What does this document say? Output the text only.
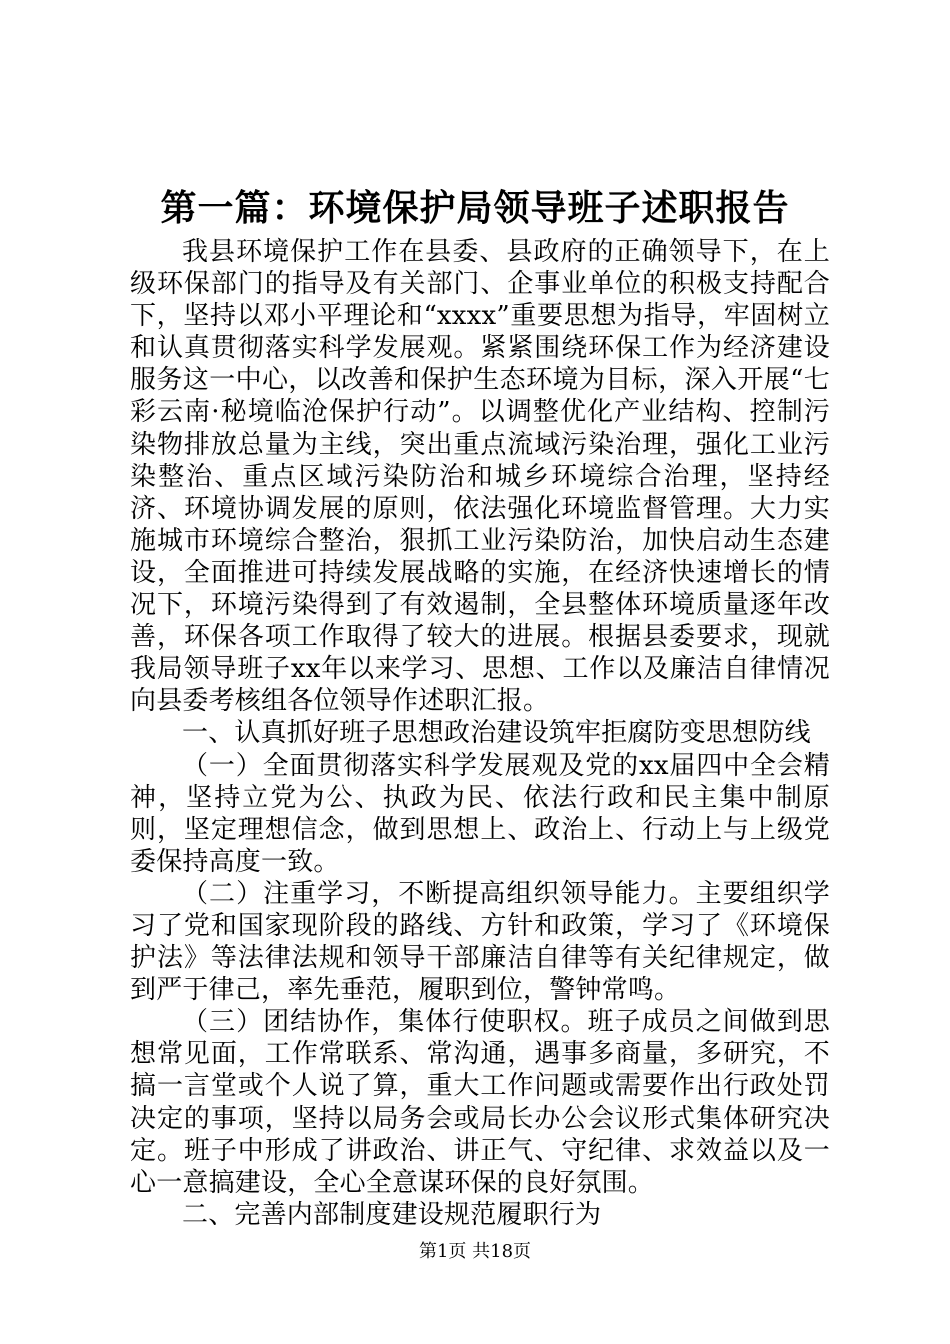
第一篇：环境保护局领导班子述职报告

我县环境保护工作在县委、县政府的正确领导下，在上级环保部门的指导及有关部门、企事业单位的积极支持配合下，坚持以邓小平理论和“xxxx”重要思想为指导，牢固树立和认真贯彻落实科学发展观。紧紧围绕环保工作为经济建设服务这一中心，以改善和保护生态环境为目标，深入开展“七彩云南·秘境临沧保护行动”。以调整优化产业结构、控制污染物排放总量为主线，突出重点流域污染治理，强化工业污染整治、重点区域污染防治和城乡环境综合治理，坚持经济、环境协调发展的原则，依法强化环境监督管理。大力实施城市环境综合整治，狠抓工业污染防治，加快启动生态建设，全面推进可持续发展战略的实施，在经济快速增长的情况下，环境污染得到了有效遏制，全县整体环境质量逐年改善，环保各项工作取得了较大的进展。根据县委要求，现就我局领导班子xx年以来学习、思想、工作以及廉洁自律情况向县委考核组各位领导作述职汇报。

一、认真抓好班子思想政治建设筑牢拒腐防变思想防线

（一）全面贯彻落实科学发展观及党的xx届四中全会精神，坚持立党为公、执政为民、依法行政和民主集中制原则，坚定理想信念，做到思想上、政治上、行动上与上级党委保持高度一致。

（二）注重学习，不断提高组织领导能力。主要组织学习了党和国家现阶段的路线、方针和政策，学习了《环境保护法》等法律法规和领导干部廉洁自律等有关纪律规定，做到严于律己，率先垂范，履职到位，警钟常鸣。

（三）团结协作，集体行使职权。班子成员之间做到思想常见面，工作常联系、常沟通，遇事多商量，多研究，不搞一言堂或个人说了算，重大工作问题或需要作出行政处罚决定的事项，坚持以局务会或局长办公会议形式集体研究决定。班子中形成了讲政治、讲正气、守纪律、求效益以及一心一意搞建设，全心全意谋环保的良好氛围。

二、完善内部制度建设规范履职行为

第1页 共18页
